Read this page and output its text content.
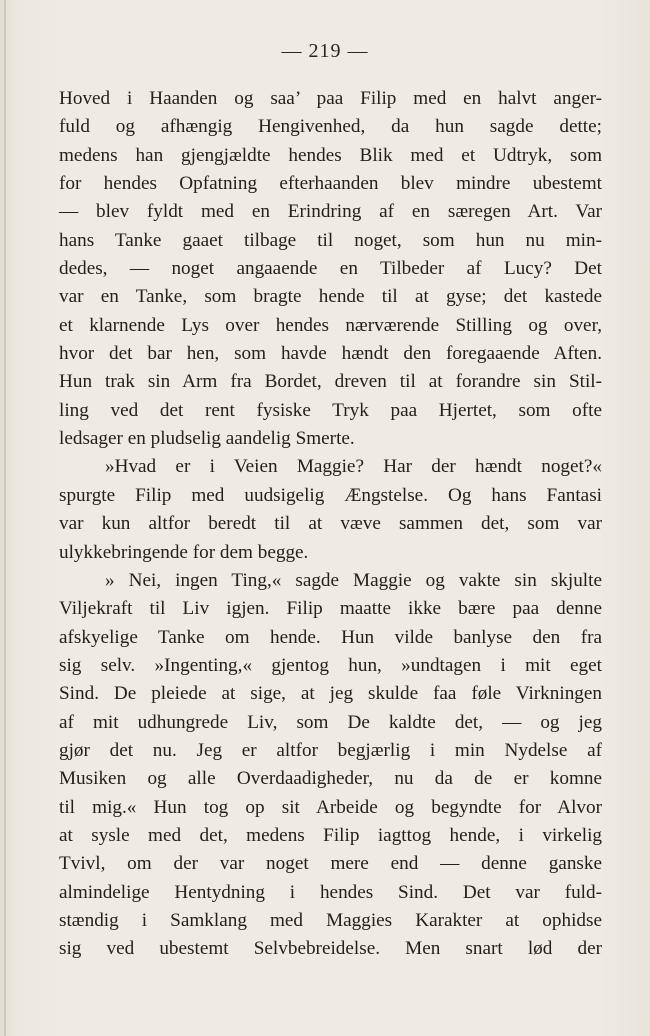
— 219 —
Hoved i Haanden og saa’ paa Filip med en halvt anger-
fuld og afhængig Hengivenhed, da hun sagde dette;
medens han gjengjældte hendes Blik med et Udtryk, som
for hendes Opfatning efterhaanden blev mindre ubestemt
— blev fyldt med en Erindring af en særegen Art. Var
hans Tanke gaaet tilbage til noget, som hun nu min-
dedes, — noget angaaende en Tilbeder af Lucy? Det
var en Tanke, som bragte hende til at gyse; det kastede
et klarnende Lys over hendes nærværende Stilling og over,
hvor det bar hen, som havde hændt den foregaaende Aften.
Hun trak sin Arm fra Bordet, dreven til at forandre sin Stil-
ling ved det rent fysiske Tryk paa Hjertet, som ofte
ledsager en pludselig aandelig Smerte.
»Hvad er i Veien Maggie? Har der hændt noget?«
spurgte Filip med uudsigelig Ængstelse. Og hans Fantasi
var kun altfor beredt til at væve sammen det, som var
ulykkebringende for dem begge.
» Nei, ingen Ting,« sagde Maggie og vakte sin skjulte
Viljekraft til Liv igjen. Filip maatte ikke bære paa denne
afskyelige Tanke om hende. Hun vilde banlyse den fra
sig selv. »Ingenting,« gjentog hun, »undtagen i mit eget
Sind. De pleiede at sige, at jeg skulde faa føle Virkningen
af mit udhungrede Liv, som De kaldte det, — og jeg
gjør det nu. Jeg er altfor begjærlig i min Nydelse af
Musiken og alle Overdaadigheder, nu da de er komne
til mig.« Hun tog op sit Arbeide og begyndte for Alvor
at sysle med det, medens Filip iagttog hende, i virkelig
Tvivl, om der var noget mere end — denne ganske
almindelige Hentydning i hendes Sind. Det var fuld-
stændig i Samklang med Maggies Karakter at ophidse
sig ved ubestemt Selvbebreidelse. Men snart lød der
